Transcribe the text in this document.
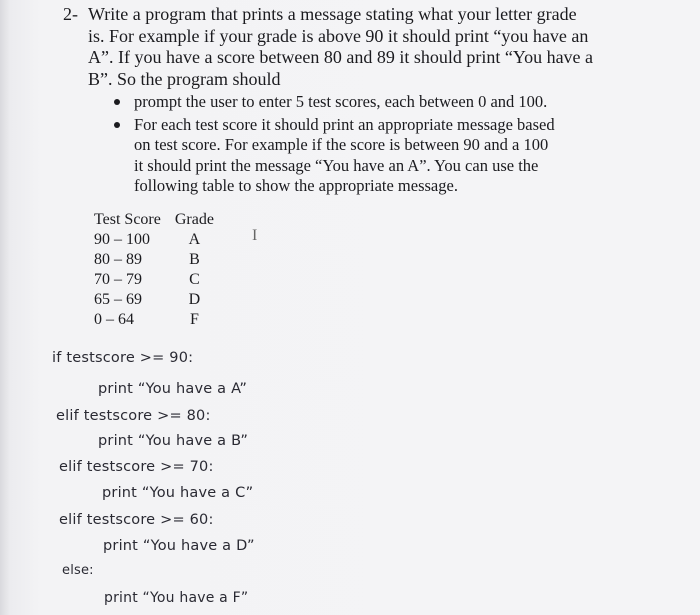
2- Write a program that prints a message stating what your letter grade
is. For example if your grade is above 90 it should print “you have an
A”. If you have a score between 80 and 89 it should print “You have a
B”. So the program should

prompt the user to enter 5 test scores, each between 0 and 100.
For each test score it should print an appropriate message based
on test score. For example if the score is between 90 and a 100
it should print the message “You have an A”. You can use the
following table to show the appropriate message.
Test Score	Grade
90 – 100	A
80 – 89	B
70 – 79	C
65 – 69	D
0 – 64	F
I
if testscore >= 90:
print “You have a A”
elif testscore >= 80:
print “You have a B”
elif testscore >= 70:
print “You have a C”
elif testscore >= 60:
print “You have a D”
else:
print “You have a F”
